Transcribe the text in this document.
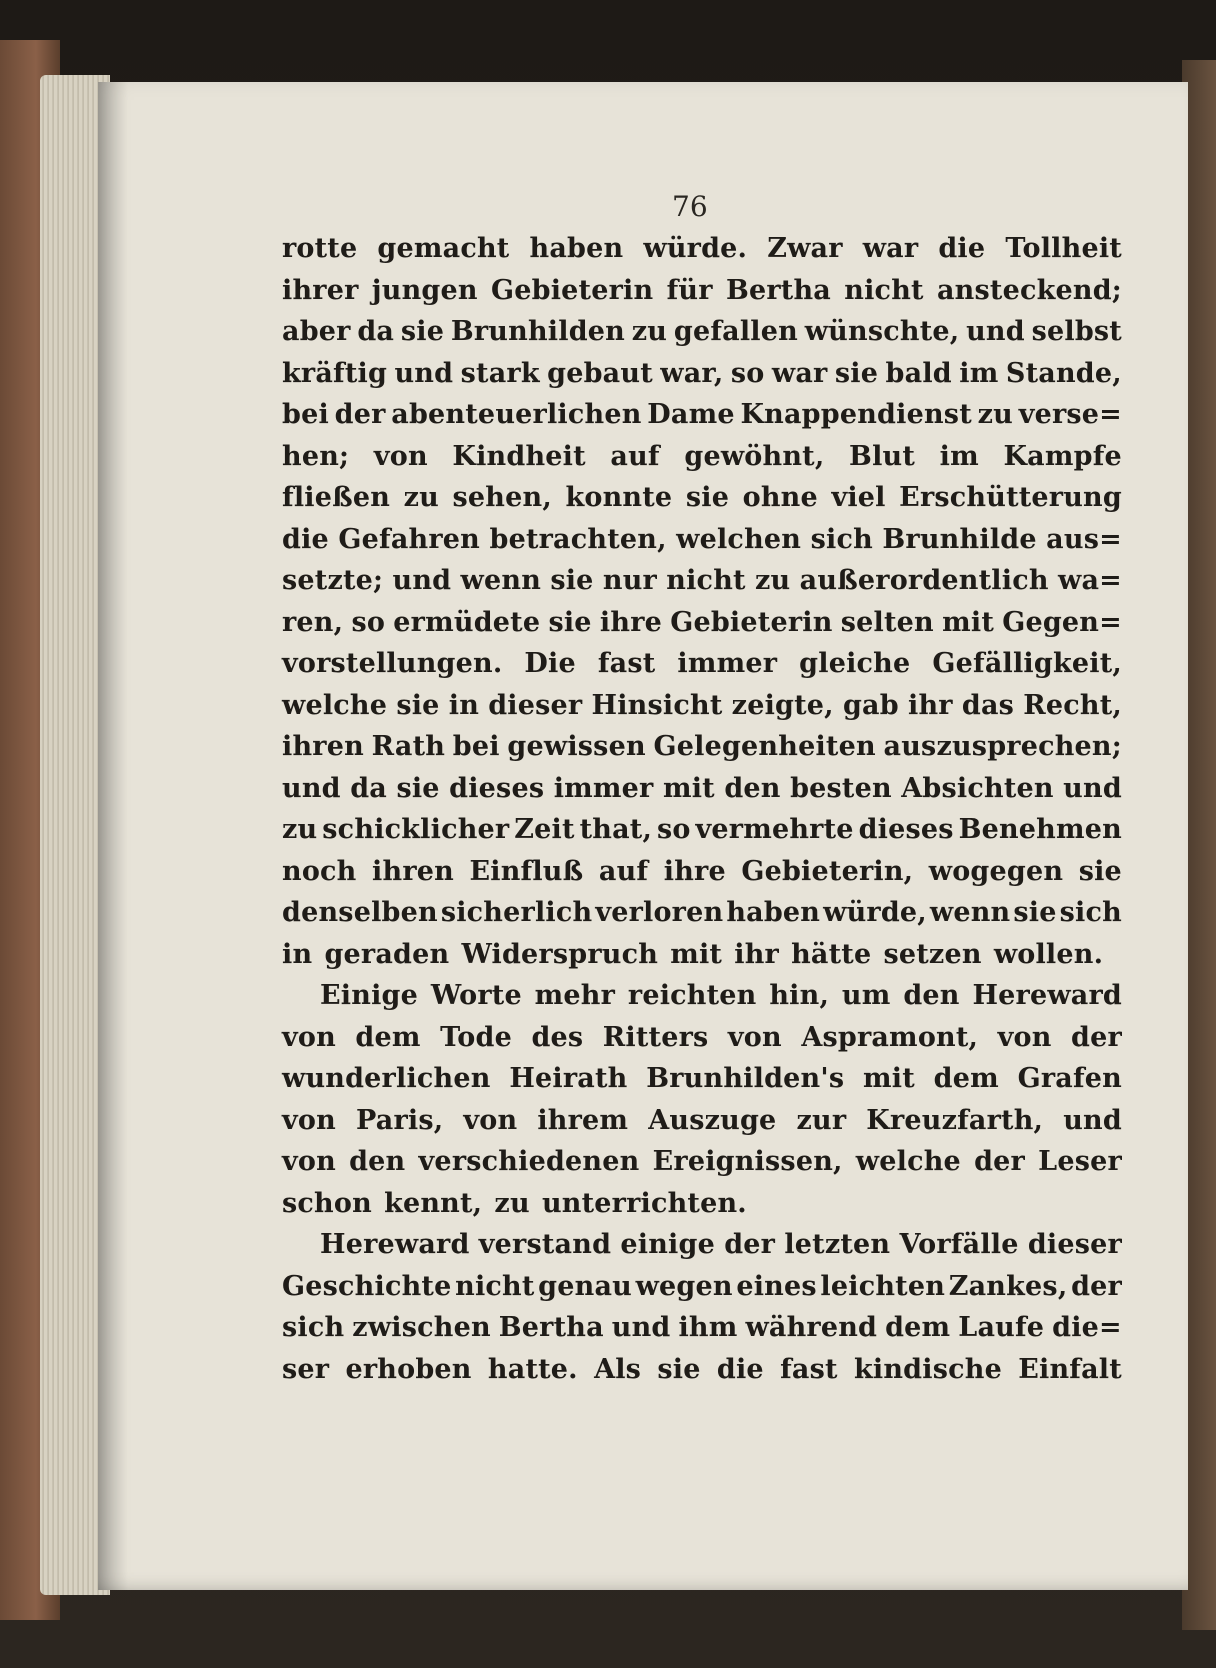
76
rotte gemacht haben würde. Zwar war die Tollheit
ihrer jungen Gebieterin für Bertha nicht ansteckend;
aber da sie Brunhilden zu gefallen wünschte, und selbst
kräftig und stark gebaut war, so war sie bald im Stande,
bei der abenteuerlichen Dame Knappendienst zu verse=
hen; von Kindheit auf gewöhnt, Blut im Kampfe
fließen zu sehen, konnte sie ohne viel Erschütterung
die Gefahren betrachten, welchen sich Brunhilde aus=
setzte; und wenn sie nur nicht zu außerordentlich wa=
ren, so ermüdete sie ihre Gebieterin selten mit Gegen=
vorstellungen. Die fast immer gleiche Gefälligkeit,
welche sie in dieser Hinsicht zeigte, gab ihr das Recht,
ihren Rath bei gewissen Gelegenheiten auszusprechen;
und da sie dieses immer mit den besten Absichten und
zu schicklicher Zeit that, so vermehrte dieses Benehmen
noch ihren Einfluß auf ihre Gebieterin, wogegen sie
denselben sicherlich verloren haben würde, wenn sie sich
in geraden Widerspruch mit ihr hätte setzen wollen.
Einige Worte mehr reichten hin, um den Hereward
von dem Tode des Ritters von Aspramont, von der
wunderlichen Heirath Brunhilden's mit dem Grafen
von Paris, von ihrem Auszuge zur Kreuzfarth, und
von den verschiedenen Ereignissen, welche der Leser
schon kennt, zu unterrichten.
Hereward verstand einige der letzten Vorfälle dieser
Geschichte nicht genau wegen eines leichten Zankes, der
sich zwischen Bertha und ihm während dem Laufe die=
ser erhoben hatte. Als sie die fast kindische Einfalt
